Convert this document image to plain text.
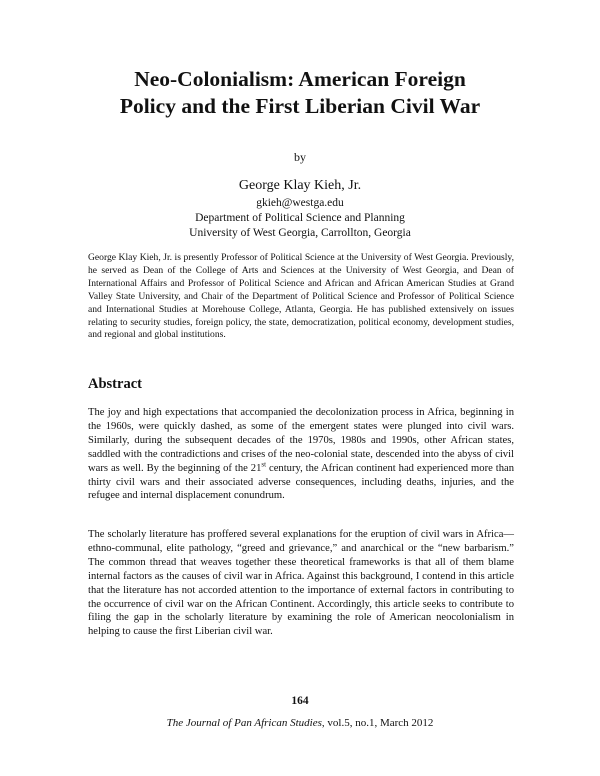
Neo-Colonialism: American Foreign
Policy and the First Liberian Civil War
by
George Klay Kieh, Jr.
gkieh@westga.edu
Department of Political Science and Planning
University of West Georgia, Carrollton, Georgia
George Klay Kieh, Jr. is presently Professor of Political Science at the University of West Georgia. Previously, he served as Dean of the College of Arts and Sciences at the University of West Georgia, and Dean of International Affairs and Professor of Political Science and African and African American Studies at Grand Valley State University, and Chair of the Department of Political Science and Professor of Political Science and International Studies at Morehouse College, Atlanta, Georgia. He has published extensively on issues relating to security studies, foreign policy, the state, democratization, political economy, development studies, and regional and global institutions.
Abstract
The joy and high expectations that accompanied the decolonization process in Africa, beginning in the 1960s, were quickly dashed, as some of the emergent states were plunged into civil wars. Similarly, during the subsequent decades of the 1970s, 1980s and 1990s, other African states, saddled with the contradictions and crises of the neo-colonial state, descended into the abyss of civil wars as well. By the beginning of the 21st century, the African continent had experienced more than thirty civil wars and their associated adverse consequences, including deaths, injuries, and the refugee and internal displacement conundrum.
The scholarly literature has proffered several explanations for the eruption of civil wars in Africa—ethno-communal, elite pathology, “greed and grievance,” and anarchical or the “new barbarism.” The common thread that weaves together these theoretical frameworks is that all of them blame internal factors as the causes of civil war in Africa. Against this background, I contend in this article that the literature has not accorded attention to the importance of external factors in contributing to the occurrence of civil war on the African Continent. Accordingly, this article seeks to contribute to filing the gap in the scholarly literature by examining the role of American neocolonialism in helping to cause the first Liberian civil war.
164
The Journal of Pan African Studies, vol.5, no.1, March 2012
